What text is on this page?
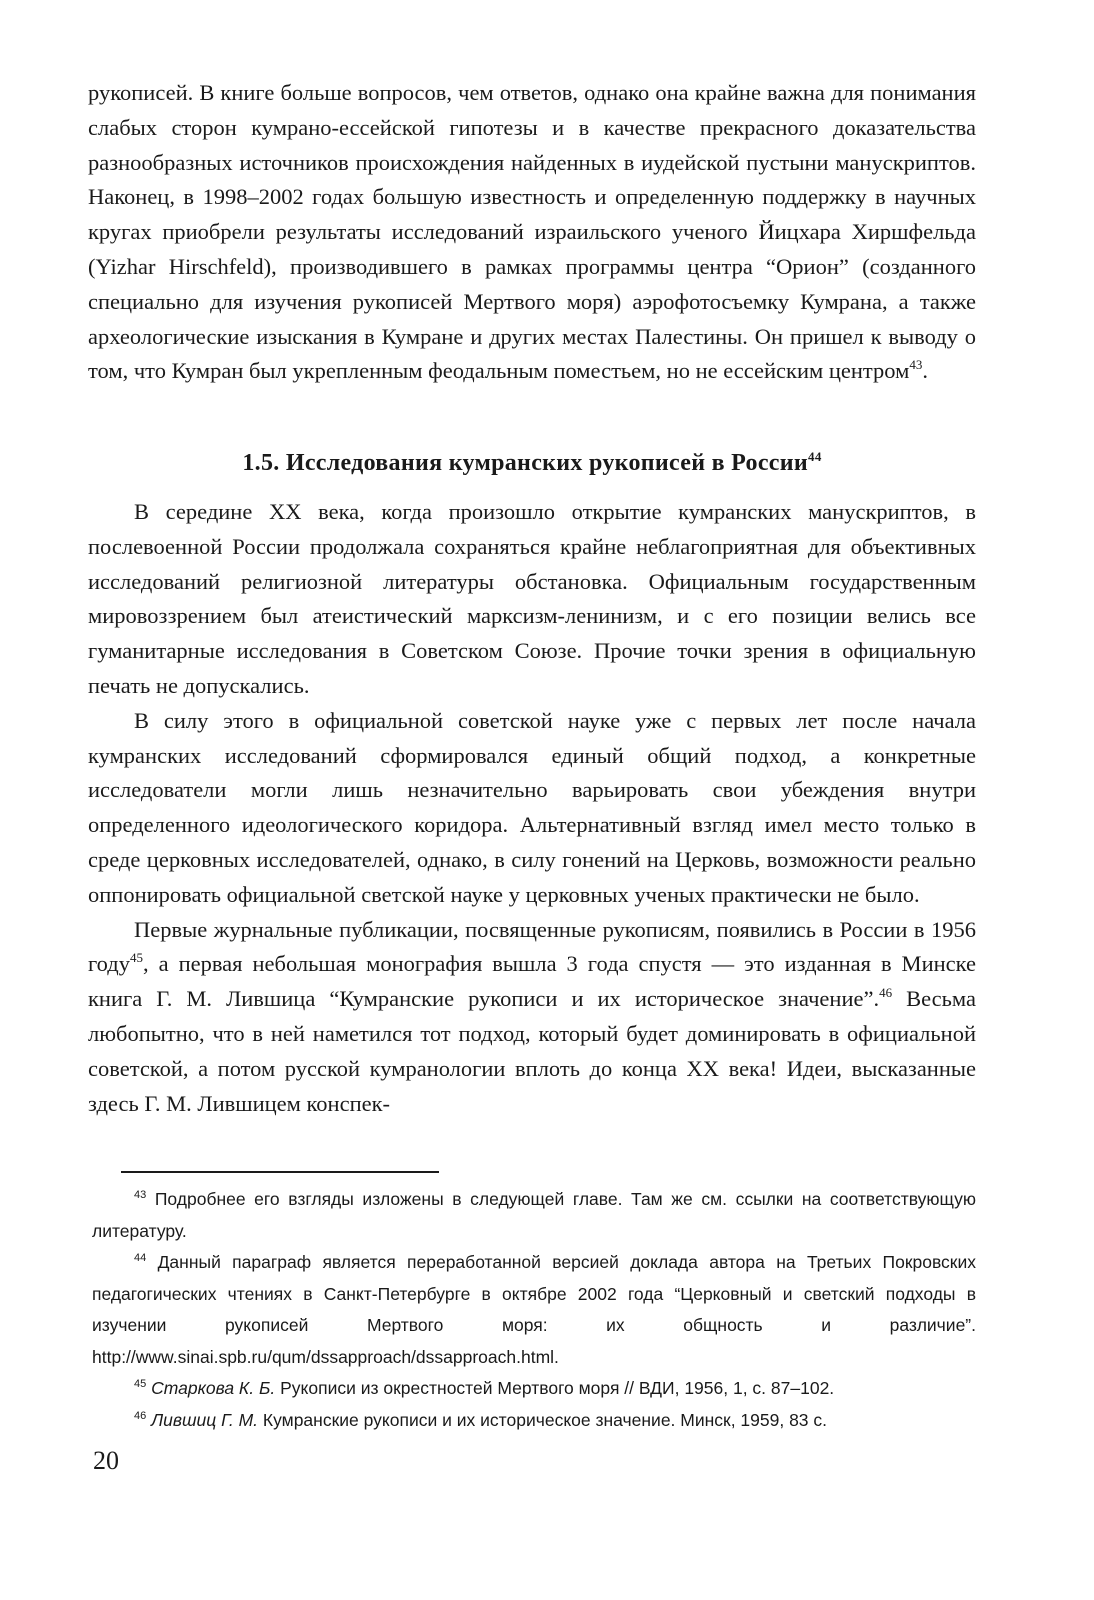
рукописей. В книге больше вопросов, чем ответов, однако она крайне важна для понимания слабых сторон кумрано-ессейской гипотезы и в качестве прекрасного доказательства разнообразных источников происхождения найденных в иудейской пустыни манускриптов. Наконец, в 1998–2002 годах большую известность и определенную поддержку в научных кругах приобрели результаты исследований израильского ученого Йицхара Хиршфельда (Yizhar Hirschfeld), производившего в рамках программы центра “Орион” (созданного специально для изучения рукописей Мертвого моря) аэрофотосъемку Кумрана, а также археологические изыскания в Кумране и других местах Палестины. Он пришел к выводу о том, что Кумран был укрепленным феодальным поместьем, но не ессейским центром$^{43}$.

1.5. Исследования кумранских рукописей в России$^{44}$

В середине XX века, когда произошло открытие кумранских манускриптов, в послевоенной России продолжала сохраняться крайне неблагоприятная для объективных исследований религиозной литературы обстановка. Официальным государственным мировоззрением был атеистический марксизм-ленинизм, и с его позиции велись все гуманитарные исследования в Советском Союзе. Прочие точки зрения в официальную печать не допускались.

В силу этого в официальной советской науке уже с первых лет после начала кумранских исследований сформировался единый общий подход, а конкретные исследователи могли лишь незначительно варьировать свои убеждения внутри определенного идеологического коридора. Альтернативный взгляд имел место только в среде церковных исследователей, однако, в силу гонений на Церковь, возможности реально оппонировать официальной светской науке у церковных ученых практически не было.

Первые журнальные публикации, посвященные рукописям, появились в России в 1956 году$^{45}$, а первая небольшая монография вышла 3 года спустя — это изданная в Минске книга Г. М. Лившица “Кумранские рукописи и их историческое значение”.$^{46}$ Весьма любопытно, что в ней наметился тот подход, который будет доминировать в официальной советской, а потом русской кумранологии вплоть до конца XX века! Идеи, высказанные здесь Г. М. Лившицем конспек-

$^{43}$ Подробнее его взгляды изложены в следующей главе. Там же см. ссылки на соответствующую литературу.

$^{44}$ Данный параграф является переработанной версией доклада автора на Третьих Покровских педагогических чтениях в Санкт-Петербурге в октябре 2002 года “Церковный и светский подходы в изучении рукописей Мертвого моря: их общность и различие”. http://www.sinai.spb.ru/qum/dssapproach/dssapproach.html.

$^{45}$ Старкова К. Б. Рукописи из окрестностей Мертвого моря // ВДИ, 1956, 1, с. 87–102.

$^{46}$ Лившиц Г. М. Кумранские рукописи и их историческое значение. Минск, 1959, 83 с.

20
